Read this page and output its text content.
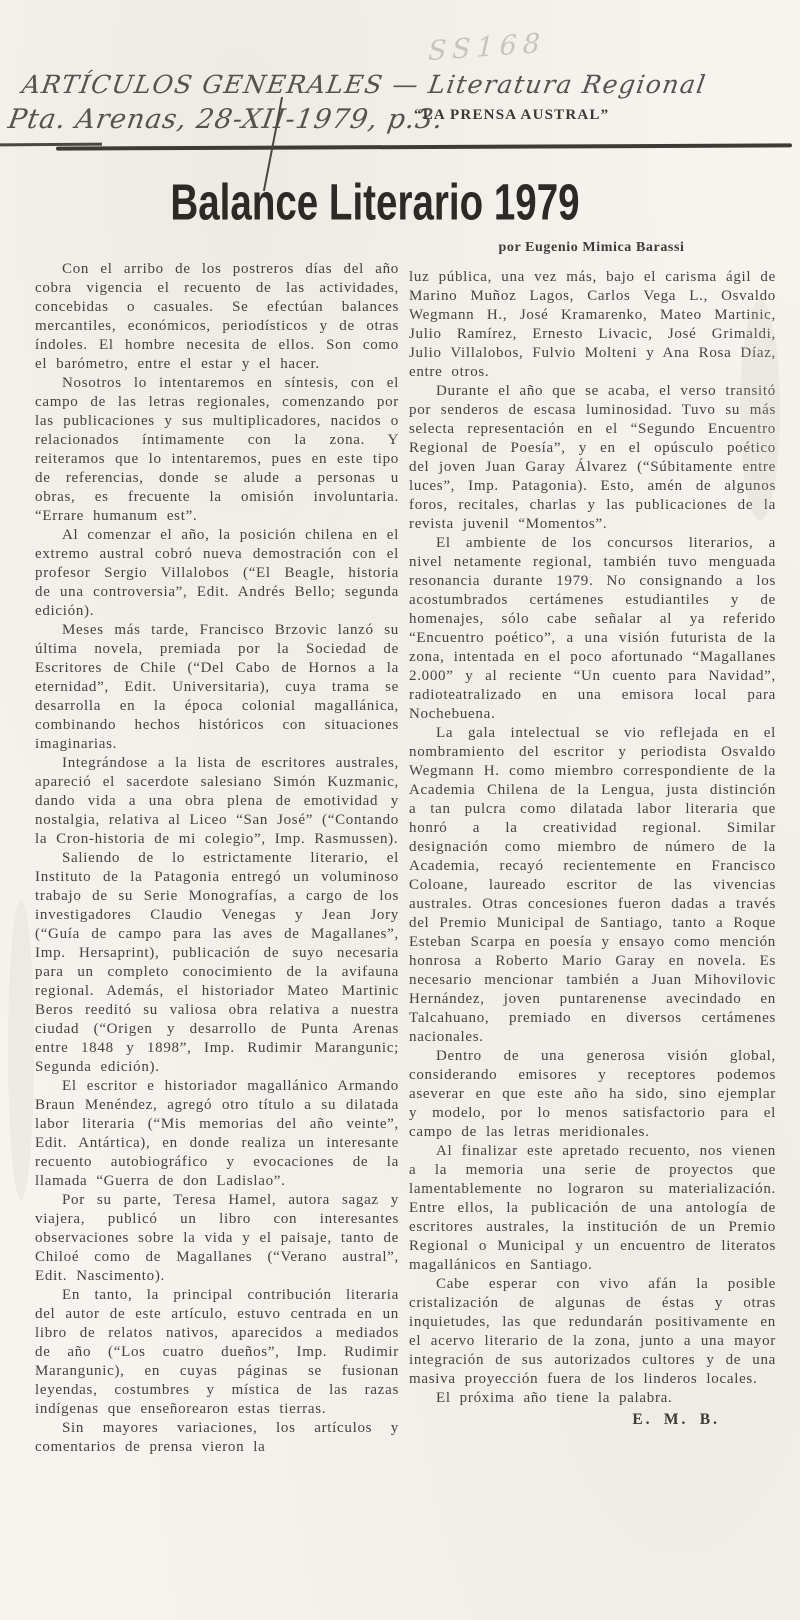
SS168
ARTÍCULOS GENERALES — Literatura Regional
Pta. Arenas, 28-XII-1979, p.3.
“LA PRENSA AUSTRAL”
Balance Literario 1979
por Eugenio Mimica Barassi

Con el arribo de los postreros días del año cobra vigencia el recuento de las actividades, concebidas o casuales. Se efectúan balances mercantiles, económicos, periodísticos y de otras índoles. El hombre necesita de ellos. Son como el barómetro, entre el estar y el hacer.

Nosotros lo intentaremos en síntesis, con el campo de las letras regionales, comenzando por las publicaciones y sus multiplicadores, nacidos o relacionados íntimamente con la zona. Y reiteramos que lo intentaremos, pues en este tipo de referencias, donde se alude a personas u obras, es frecuente la omisión involuntaria. “Errare humanum est”.

Al comenzar el año, la posición chilena en el extremo austral cobró nueva demostración con el profesor Sergio Villalobos (“El Beagle, historia de una controversia”, Edit. Andrés Bello; segunda edición).

Meses más tarde, Francisco Brzovic lanzó su última novela, premiada por la Sociedad de Escritores de Chile (“Del Cabo de Hornos a la eternidad”, Edit. Universitaria), cuya trama se desarrolla en la época colonial magallánica, combinando hechos históricos con situaciones imaginarias.

Integrándose a la lista de escritores australes, apareció el sacerdote salesiano Simón Kuzmanic, dando vida a una obra plena de emotividad y nostalgia, relativa al Liceo “San José” (“Contando la Cron-historia de mi colegio”, Imp. Rasmussen).

Saliendo de lo estrictamente literario, el Instituto de la Patagonia entregó un voluminoso trabajo de su Serie Monografías, a cargo de los investigadores Claudio Venegas y Jean Jory (“Guía de campo para las aves de Magallanes”, Imp. Hersaprint), publicación de suyo necesaria para un completo conocimiento de la avifauna regional. Además, el historiador Mateo Martinic Beros reeditó su valiosa obra relativa a nuestra ciudad (“Origen y desarrollo de Punta Arenas entre 1848 y 1898”, Imp. Rudimir Marangunic; Segunda edición).

El escritor e historiador magallánico Armando Braun Menéndez, agregó otro título a su dilatada labor literaria (“Mis memorias del año veinte”, Edit. Antártica), en donde realiza un interesante recuento autobiográfico y evocaciones de la llamada “Guerra de don Ladislao”.

Por su parte, Teresa Hamel, autora sagaz y viajera, publicó un libro con interesantes observaciones sobre la vida y el paisaje, tanto de Chiloé como de Magallanes (“Verano austral”, Edit. Nascimento).

En tanto, la principal contribución literaria del autor de este artículo, estuvo centrada en un libro de relatos nativos, aparecidos a mediados de año (“Los cuatro dueños”, Imp. Rudimir Marangunic), en cuyas páginas se fusionan leyendas, costumbres y mística de las razas indígenas que enseñorearon estas tierras.

Sin mayores variaciones, los artículos y comentarios de prensa vieron la

luz pública, una vez más, bajo el carisma ágil de Marino Muñoz Lagos, Carlos Vega L., Osvaldo Wegmann H., José Kramarenko, Mateo Martinic, Julio Ramírez, Ernesto Livacic, José Grimaldi, Julio Villalobos, Fulvio Molteni y Ana Rosa Díaz, entre otros.

Durante el año que se acaba, el verso transitó por senderos de escasa luminosidad. Tuvo su más selecta representación en el “Segundo Encuentro Regional de Poesía”, y en el opúsculo poético del joven Juan Garay Álvarez (“Súbitamente entre luces”, Imp. Patagonia). Esto, amén de algunos foros, recitales, charlas y las publicaciones de la revista juvenil “Momentos”.

El ambiente de los concursos literarios, a nivel netamente regional, también tuvo menguada resonancia durante 1979. No consignando a los acostumbrados certámenes estudiantiles y de homenajes, sólo cabe señalar al ya referido “Encuentro poético”, a una visión futurista de la zona, intentada en el poco afortunado “Magallanes 2.000” y al reciente “Un cuento para Navidad”, radioteatralizado en una emisora local para Nochebuena.

La gala intelectual se vio reflejada en el nombramiento del escritor y periodista Osvaldo Wegmann H. como miembro correspondiente de la Academia Chilena de la Lengua, justa distinción a tan pulcra como dilatada labor literaria que honró a la creatividad regional. Similar designación como miembro de número de la Academia, recayó recientemente en Francisco Coloane, laureado escritor de las vivencias australes. Otras concesiones fueron dadas a través del Premio Municipal de Santiago, tanto a Roque Esteban Scarpa en poesía y ensayo como mención honrosa a Roberto Mario Garay en novela. Es necesario mencionar también a Juan Mihovilovic Hernández, joven puntarenense avecindado en Talcahuano, premiado en diversos certámenes nacionales.

Dentro de una generosa visión global, considerando emisores y receptores podemos aseverar en que este año ha sido, sino ejemplar y modelo, por lo menos satisfactorio para el campo de las letras meridionales.

Al finalizar este apretado recuento, nos vienen a la memoria una serie de proyectos que lamentablemente no lograron su materialización. Entre ellos, la publicación de una antología de escritores australes, la institución de un Premio Regional o Municipal y un encuentro de literatos magallánicos en Santiago.

Cabe esperar con vivo afán la posible cristalización de algunas de éstas y otras inquietudes, las que redundarán positivamente en el acervo literario de la zona, junto a una mayor integración de sus autorizados cultores y de una masiva proyección fuera de los linderos locales.

El próxima año tiene la palabra.

E. M. B.
